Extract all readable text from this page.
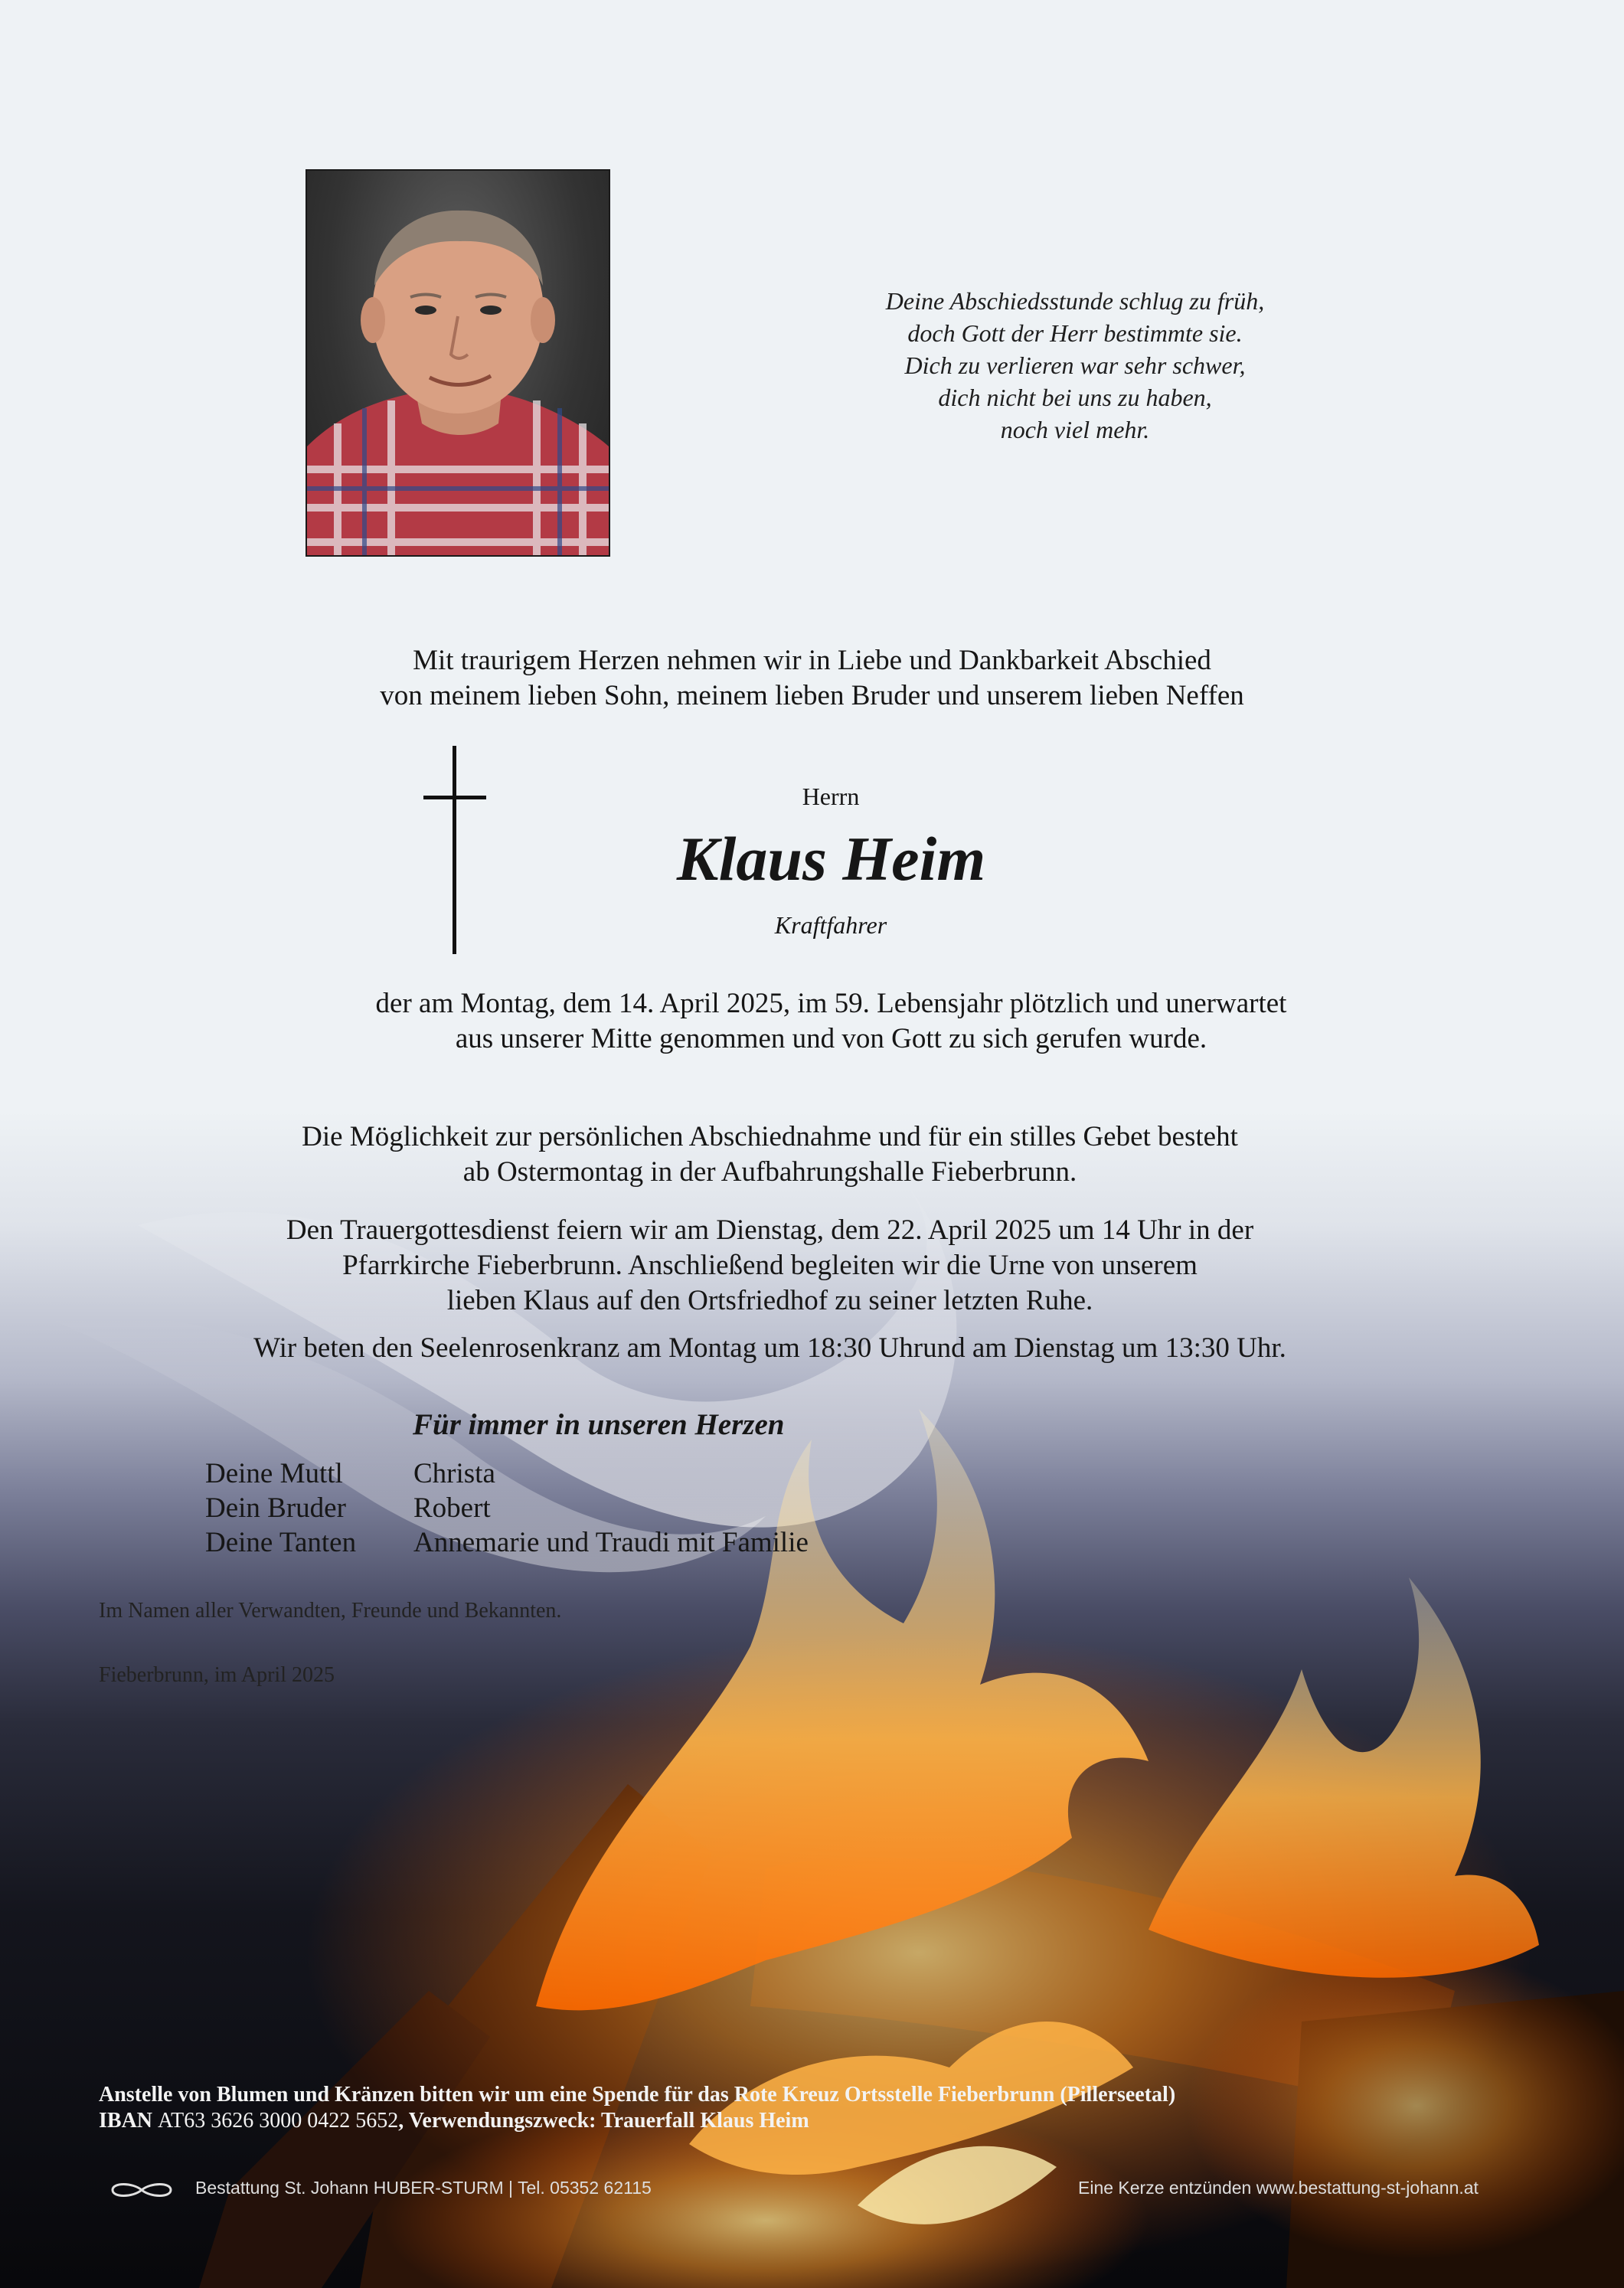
Deine Abschiedsstunde schlug zu früh,
doch Gott der Herr bestimmte sie.
Dich zu verlieren war sehr schwer,
dich nicht bei uns zu haben,
noch viel mehr.
Mit traurigem Herzen nehmen wir in Liebe und Dankbarkeit Abschied
von meinem lieben Sohn, meinem lieben Bruder und unserem lieben Neffen
Herrn
Klaus Heim
Kraftfahrer
der am Montag, dem 14. April 2025, im 59. Lebensjahr plötzlich und unerwartet
aus unserer Mitte genommen und von Gott zu sich gerufen wurde.
Die Möglichkeit zur persönlichen Abschiednahme und für ein stilles Gebet besteht
ab Ostermontag in der Aufbahrungshalle Fieberbrunn.
Den Trauergottesdienst feiern wir am Dienstag, dem 22. April 2025 um 14 Uhr in der
Pfarrkirche Fieberbrunn. Anschließend begleiten wir die Urne von unserem
lieben Klaus auf den Ortsfriedhof zu seiner letzten Ruhe.
Wir beten den Seelenrosenkranz am Montag um 18:30 Uhrund am Dienstag um 13:30 Uhr.
Für immer in unseren Herzen
Deine Muttl	Christa
Dein Bruder	Robert
Deine Tanten	Annemarie und Traudi mit Familie
Im Namen aller Verwandten, Freunde und Bekannten.
Fieberbrunn, im April 2025
Anstelle von Blumen und Kränzen bitten wir um eine Spende für das Rote Kreuz Ortsstelle Fieberbrunn (Pillerseetal)
IBAN AT63 3626 3000 0422 5652, Verwendungszweck: Trauerfall Klaus Heim
Bestattung St. Johann HUBER-STURM | Tel. 05352 62115	Eine Kerze entzünden www.bestattung-st-johann.at
